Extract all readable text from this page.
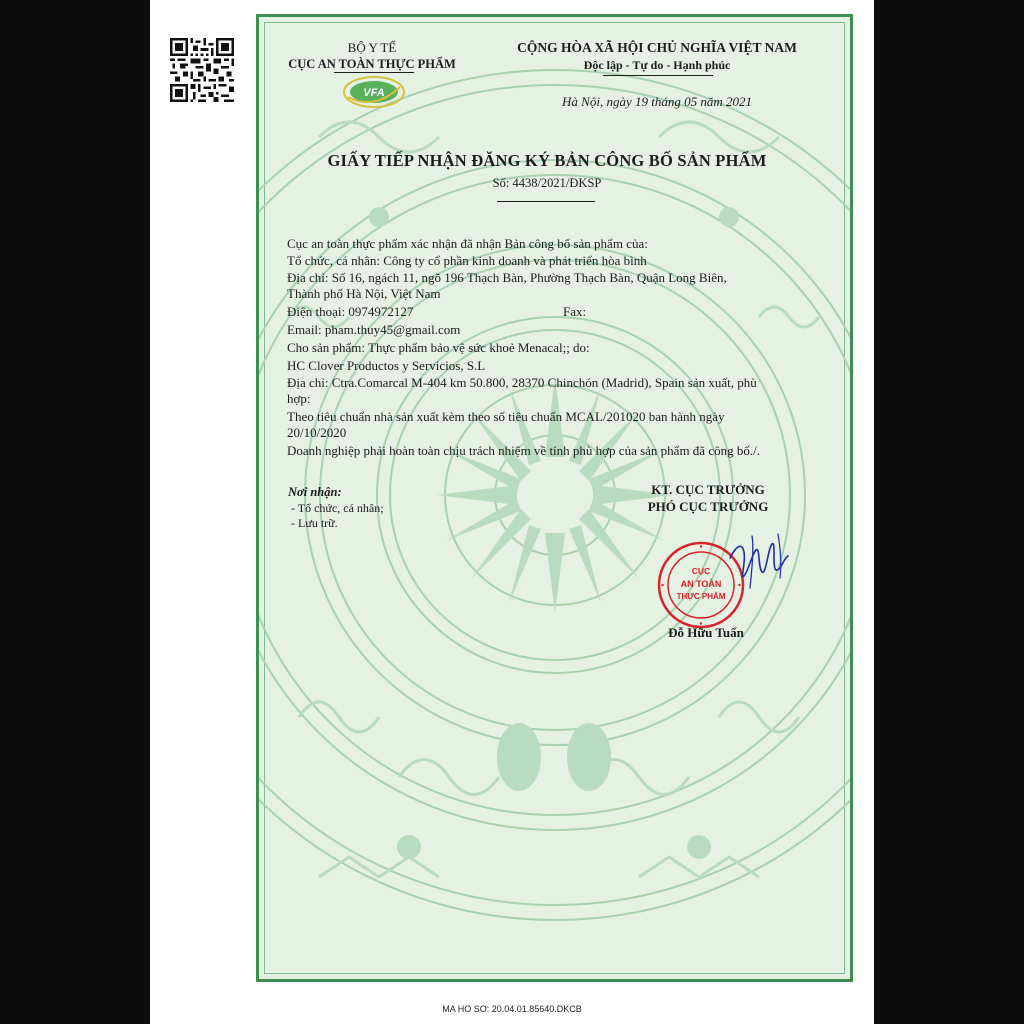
VFA
BỘ Y TẾ
CỤC AN TOÀN THỰC PHẨM
CỘNG HÒA XÃ HỘI CHỦ NGHĨA VIỆT NAM
Độc lập - Tự do - Hạnh phúc
Hà Nội, ngày 19 tháng 05 năm 2021
GIẤY TIẾP NHẬN ĐĂNG KÝ BẢN CÔNG BỐ SẢN PHẨM
Số: 4438/2021/ĐKSP
Cục an toàn thực phẩm xác nhận đã nhận Bản công bố sản phẩm của:
Tổ chức, cá nhân: Công ty cổ phần kinh doanh và phát triển hòa bình
Địa chỉ: Số 16, ngách 11, ngõ 196 Thạch Bàn, Phường Thạch Bàn, Quận Long Biên,
Thành phố Hà Nội, Việt Nam
Điện thoại: 0974972127	Fax:
Email: pham.thuy45@gmail.com
Cho sản phẩm: Thực phẩm bảo vệ sức khoẻ Menacal;; do:
HC Clover Productos y Servicios, S.L
Địa chỉ: Ctra.Comarcal M-404 km 50.800, 28370 Chinchón (Madrid), Spain sản xuất, phù
hợp:
Theo tiêu chuẩn nhà sản xuất kèm theo số tiêu chuẩn MCAL/201020 ban hành ngày
20/10/2020
Doanh nghiệp phải hoàn toàn chịu trách nhiệm về tính phù hợp của sản phẩm đã công bố./.
Nơi nhận:
- Tổ chức, cá nhân;
- Lưu trữ.
KT. CỤC TRƯỞNG
PHÓ CỤC TRƯỞNG
CỤC
AN TOÀN
THỰC PHẨM
Đỗ Hữu Tuấn
MA HO SO: 20.04.01.85640.DKCB
